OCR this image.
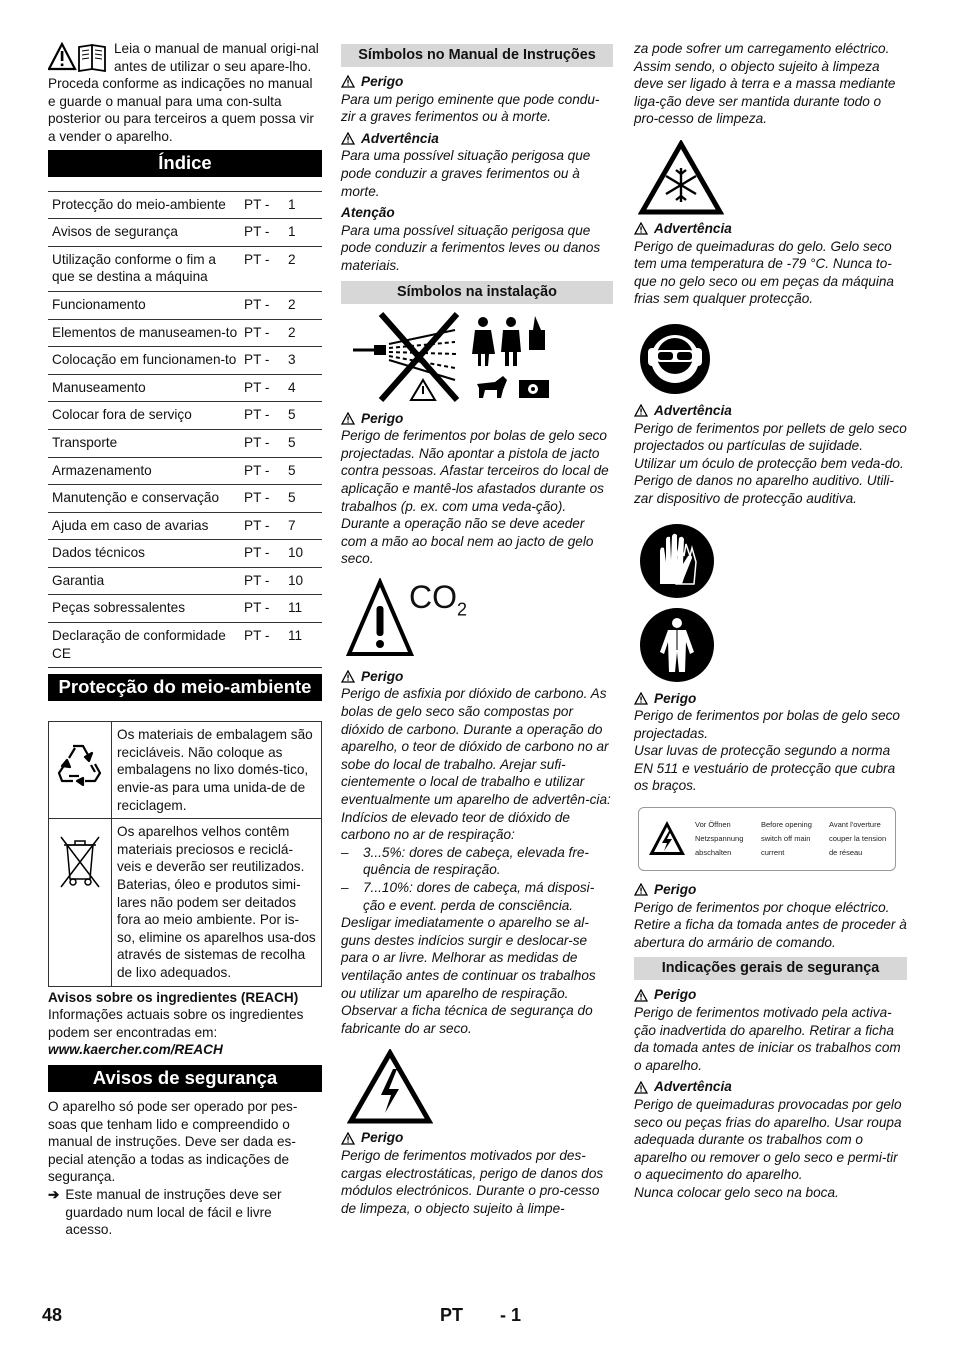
Leia o manual de manual origi-nal antes de utilizar o seu apare-lho. Proceda conforme as indicações no manual e guarde o manual para uma con-sulta posterior ou para terceiros a quem possa vir a vender o aparelho.

Índice
Protecção do meio-ambiente	PT -	1
Avisos de segurança	PT -	1
Utilização conforme o fim a que se destina a máquina	PT -	2
Funcionamento	PT -	2
Elementos de manuseamen-to	PT -	2
Colocação em funcionamen-to	PT -	3
Manuseamento	PT -	4
Colocar fora de serviço	PT -	5
Transporte	PT -	5
Armazenamento	PT -	5
Manutenção e conservação	PT -	5
Ajuda em caso de avarias	PT -	7
Dados técnicos	PT -	10
Garantia	PT -	10
Peças sobressalentes	PT -	11
Declaração de conformidade CE	PT -	11
Protecção do meio-ambiente
	Os materiais de embalagem são recicláveis. Não coloque as embalagens no lixo domés-tico, envie-as para uma unida-de de reciclagem.
	Os aparelhos velhos contêm materiais preciosos e reciclá-veis e deverão ser reutilizados. Baterias, óleo e produtos simi-lares não podem ser deitados fora ao meio ambiente. Por is-so, elimine os aparelhos usa-dos através de sistemas de recolha de lixo adequados.

Avisos sobre os ingredientes (REACH)

Informações actuais sobre os ingredientes podem ser encontradas em:

www.kaercher.com/REACH

Avisos de segurança

O aparelho só pode ser operado por pes-soas que tenham lido e compreendido o manual de instruções. Deve ser dada es-pecial atenção a todas as indicações de segurança.

➔ Este manual de instruções deve ser guardado num local de fácil e livre acesso.
Símbolos no Manual de Instruções
Perigo

Para um perigo eminente que pode condu-zir a graves ferimentos ou à morte.

Advertência

Para uma possível situação perigosa que pode conduzir a graves ferimentos ou à morte.

Atenção

Para uma possível situação perigosa que pode conduzir a ferimentos leves ou danos materiais.

Símbolos na instalação
Perigo

Perigo de ferimentos por bolas de gelo seco projectadas. Não apontar a pistola de jacto contra pessoas. Afastar terceiros do local de aplicação e mantê-los afastados durante os trabalhos (p. ex. com uma veda-ção).

Durante a operação não se deve aceder com a mão ao bocal nem ao jacto de gelo seco.

$CO_2$
Perigo

Perigo de asfixia por dióxido de carbono. As bolas de gelo seco são compostas por dióxido de carbono. Durante a operação do aparelho, o teor de dióxido de carbono no ar sobe do local de trabalho. Arejar sufi-cientemente o local de trabalho e utilizar eventualmente um aparelho de advertên-cia: Indícios de elevado teor de dióxido de carbono no ar de respiração:

–	3...5%: dores de cabeça, elevada fre-quência de respiração.
–	7...10%: dores de cabeça, má disposi-ção e event. perda de consciência.

Desligar imediatamente o aparelho se al-guns destes indícios surgir e deslocar-se para o ar livre. Melhorar as medidas de ventilação antes de continuar os trabalhos ou utilizar um aparelho de respiração. Observar a ficha técnica de segurança do fabricante do ar seco.

Perigo

Perigo de ferimentos motivados por des-cargas electrostáticas, perigo de danos dos módulos electrónicos. Durante o pro-cesso de limpeza, o objecto sujeito à limpe-

za pode sofrer um carregamento eléctrico. Assim sendo, o objecto sujeito à limpeza deve ser ligado à terra e a massa mediante liga-ção deve ser mantida durante todo o pro-cesso de limpeza.

Advertência

Perigo de queimaduras do gelo. Gelo seco tem uma temperatura de -79 °C. Nunca to-que no gelo seco ou em peças da máquina frias sem qualquer protecção.

Advertência

Perigo de ferimentos por pellets de gelo seco projectados ou partículas de sujidade. Utilizar um óculo de protecção bem veda-do.

Perigo de danos no aparelho auditivo. Utili-zar dispositivo de protecção auditiva.

Perigo

Perigo de ferimentos por bolas de gelo seco projectadas.

Usar luvas de protecção segundo a norma EN 511 e vestuário de protecção que cubra os braços.

Vor Öffnen
Netzspannung
abschalten
Before opening
switch off main
current
Avant l'overture
couper la tension
de réseau
Perigo

Perigo de ferimentos por choque eléctrico. Retire a ficha da tomada antes de proceder à abertura do armário de comando.

Indicações gerais de segurança
Perigo

Perigo de ferimentos motivado pela activa-ção inadvertida do aparelho. Retirar a ficha da tomada antes de iniciar os trabalhos com o aparelho.

Advertência

Perigo de queimaduras provocadas por gelo seco ou peças frias do aparelho. Usar roupa adequada durante os trabalhos com o aparelho ou remover o gelo seco e permi-tir o aquecimento do aparelho.

Nunca colocar gelo seco na boca.

48	PT - 1
